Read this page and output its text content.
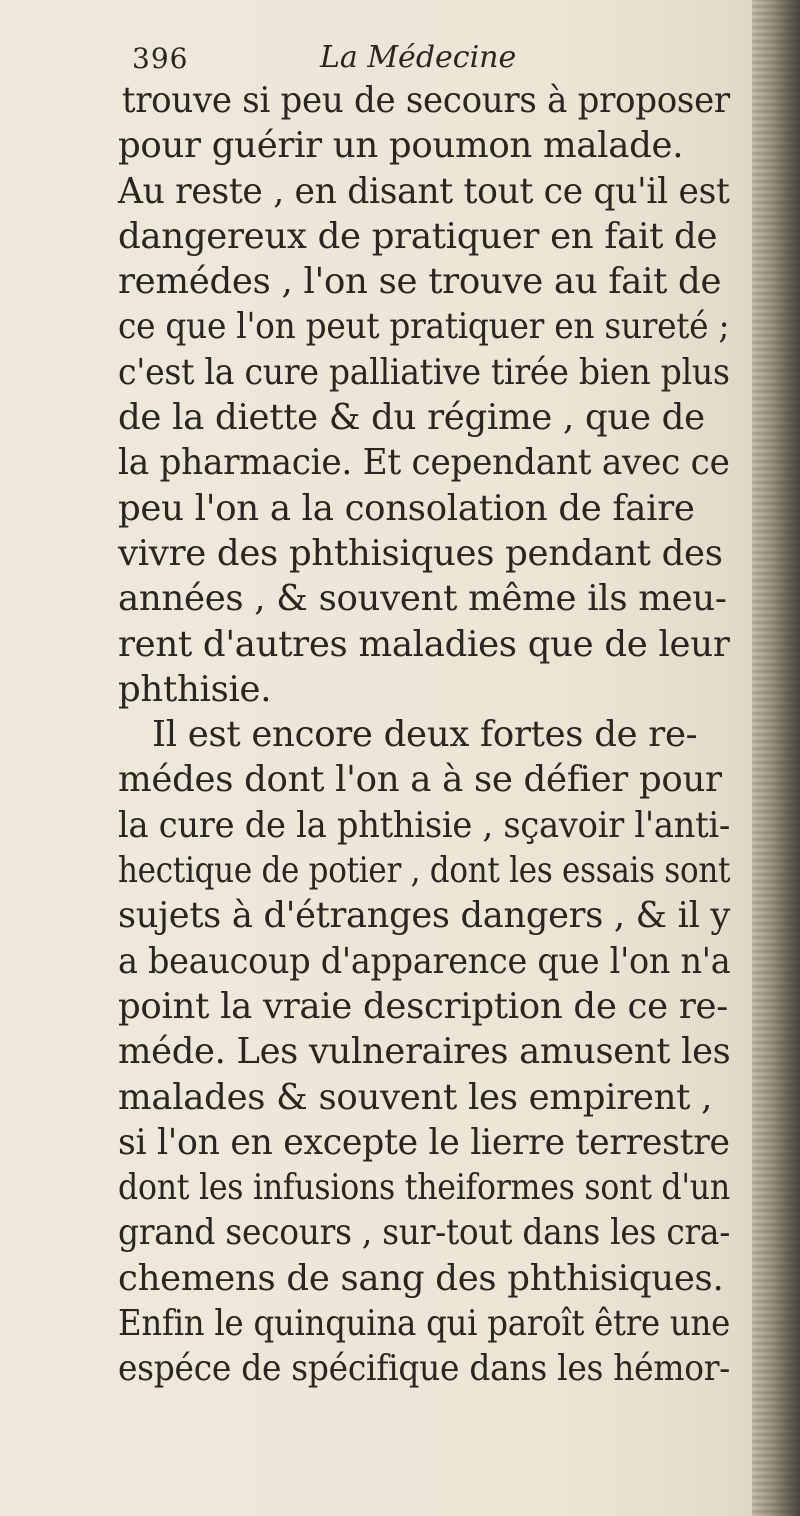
396	La Médecine
trouve si peu de secours à proposer
pour guérir un poumon malade.
Au reste , en disant tout ce qu'il est
dangereux de pratiquer en fait de
remédes , l'on se trouve au fait de
ce que l'on peut pratiquer en sureté ;
c'est la cure palliative tirée bien plus
de la diette & du régime , que de
la pharmacie. Et cependant avec ce
peu l'on a la consolation de faire
vivre des phthisiques pendant des
années , & souvent même ils meu-
rent d'autres maladies que de leur
phthisie.
Il est encore deux fortes de re-
médes dont l'on a à se défier pour
la cure de la phthisie , sçavoir l'anti-
hectique de potier , dont les essais sont
sujets à d'étranges dangers , & il y
a beaucoup d'apparence que l'on n'a
point la vraie description de ce re-
méde. Les vulneraires amusent les
malades & souvent les empirent ,
si l'on en excepte le lierre terrestre
dont les infusions theiformes sont d'un
grand secours , sur-tout dans les cra-
chemens de sang des phthisiques.
Enfin le quinquina qui paroît être une
espéce de spécifique dans les hémor-
